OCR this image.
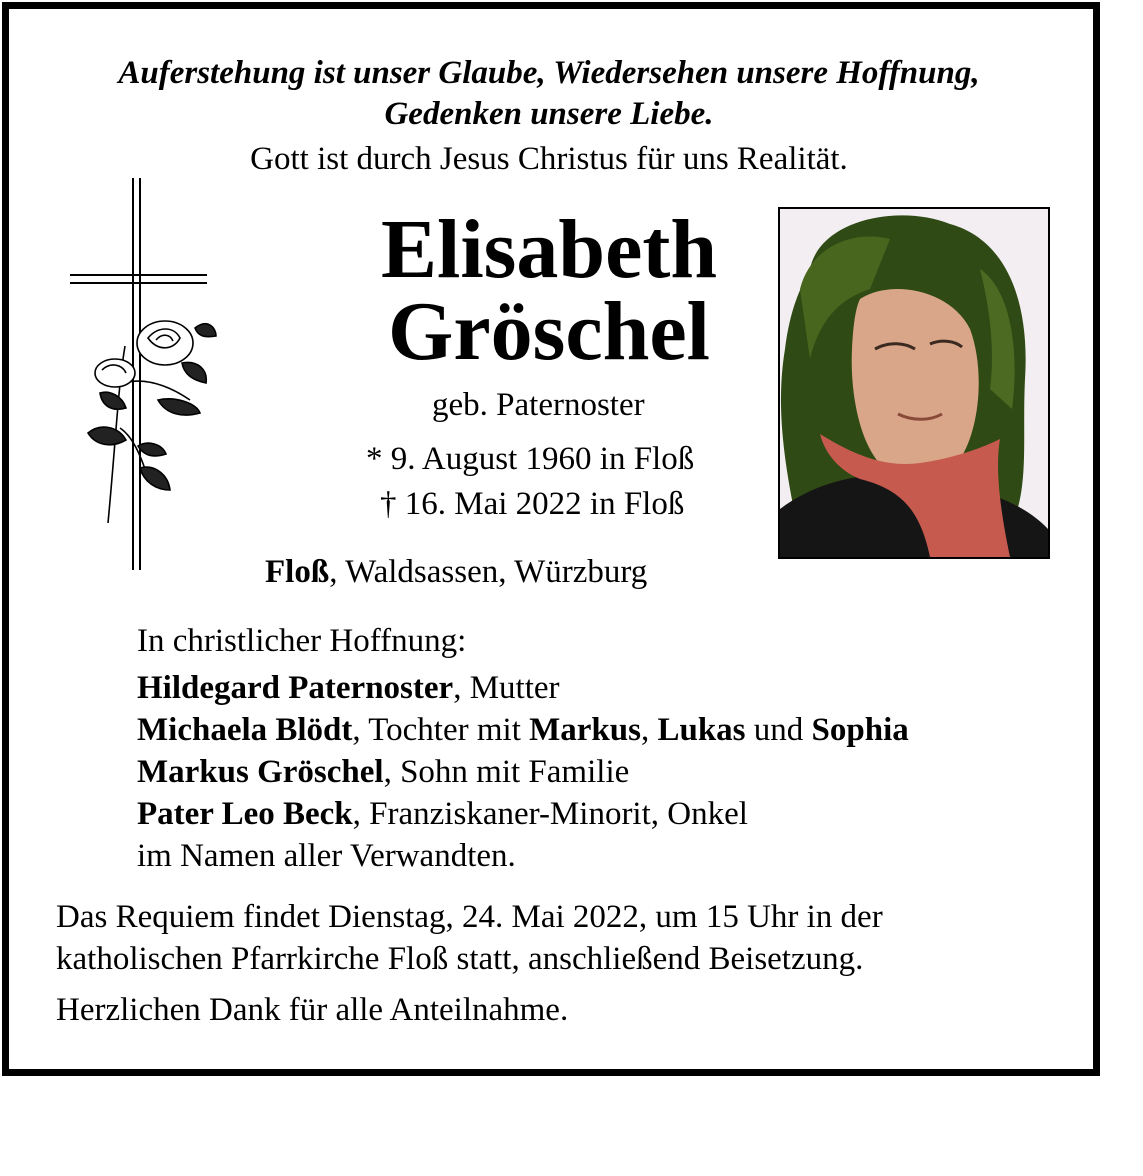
Auferstehung ist unser Glaube, Wiedersehen unsere Hoffnung,
Gedenken unsere Liebe.
Gott ist durch Jesus Christus für uns Realität.
Elisabeth
Gröschel
geb. Paternoster
* 9. August 1960 in Floß
† 16. Mai 2022 in Floß
Floß, Waldsassen, Würzburg
In christlicher Hoffnung:
Hildegard Paternoster, Mutter
Michaela Blödt, Tochter mit Markus, Lukas und Sophia
Markus Gröschel, Sohn mit Familie
Pater Leo Beck, Franziskaner-Minorit, Onkel
im Namen aller Verwandten.
Das Requiem findet Dienstag, 24. Mai 2022, um 15 Uhr in der
katholischen Pfarrkirche Floß statt, anschließend Beisetzung.
Herzlichen Dank für alle Anteilnahme.
